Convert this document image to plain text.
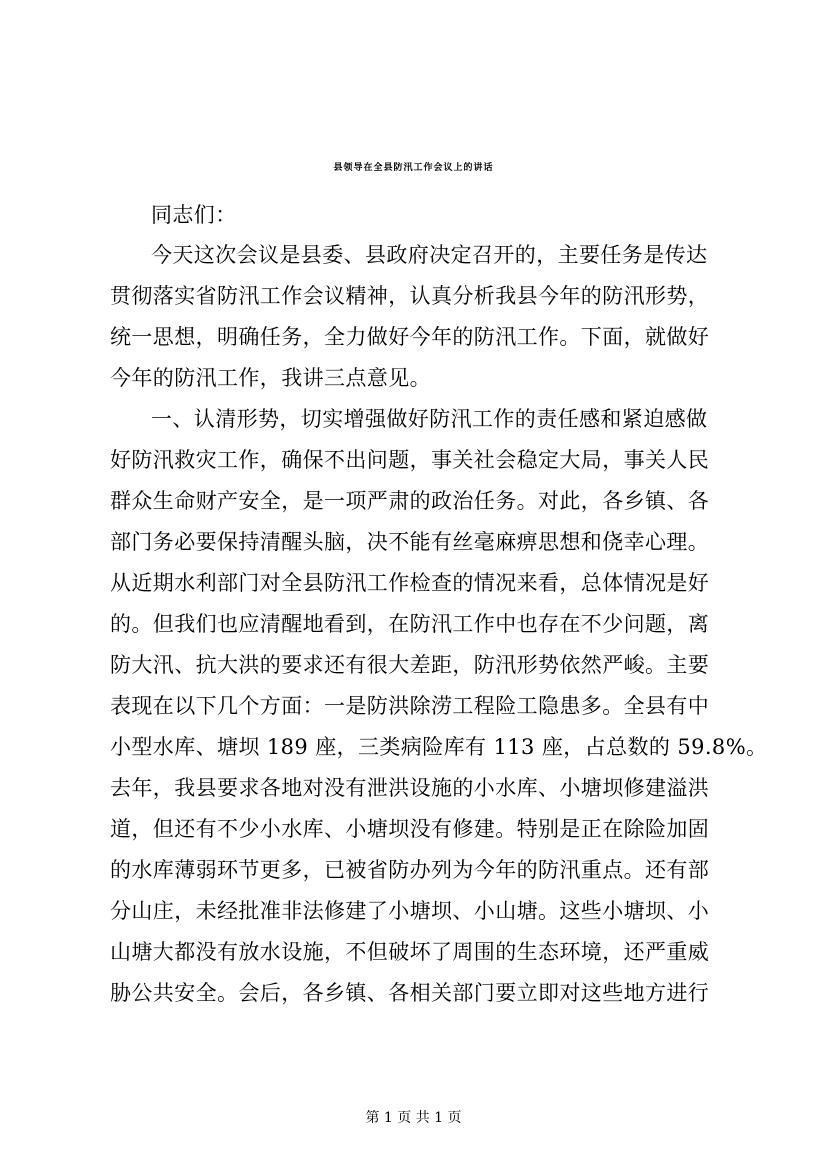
县领导在全县防汛工作会议上的讲话
同志们：
今天这次会议是县委、县政府决定召开的，主要任务是传达
贯彻落实省防汛工作会议精神，认真分析我县今年的防汛形势，
统一思想，明确任务，全力做好今年的防汛工作。下面，就做好
今年的防汛工作，我讲三点意见。
一、认清形势，切实增强做好防汛工作的责任感和紧迫感做
好防汛救灾工作，确保不出问题，事关社会稳定大局，事关人民
群众生命财产安全，是一项严肃的政治任务。对此，各乡镇、各
部门务必要保持清醒头脑，决不能有丝毫麻痹思想和侥幸心理。
从近期水利部门对全县防汛工作检查的情况来看，总体情况是好
的。但我们也应清醒地看到，在防汛工作中也存在不少问题，离
防大汛、抗大洪的要求还有很大差距，防汛形势依然严峻。主要
表现在以下几个方面：一是防洪除涝工程险工隐患多。全县有中
小型水库、塘坝 189 座，三类病险库有 113 座，占总数的 59.8%。
去年，我县要求各地对没有泄洪设施的小水库、小塘坝修建溢洪
道，但还有不少小水库、小塘坝没有修建。特别是正在除险加固
的水库薄弱环节更多，已被省防办列为今年的防汛重点。还有部
分山庄，未经批准非法修建了小塘坝、小山塘。这些小塘坝、小
山塘大都没有放水设施，不但破坏了周围的生态环境，还严重威
胁公共安全。会后，各乡镇、各相关部门要立即对这些地方进行
第 1 页 共 1 页
